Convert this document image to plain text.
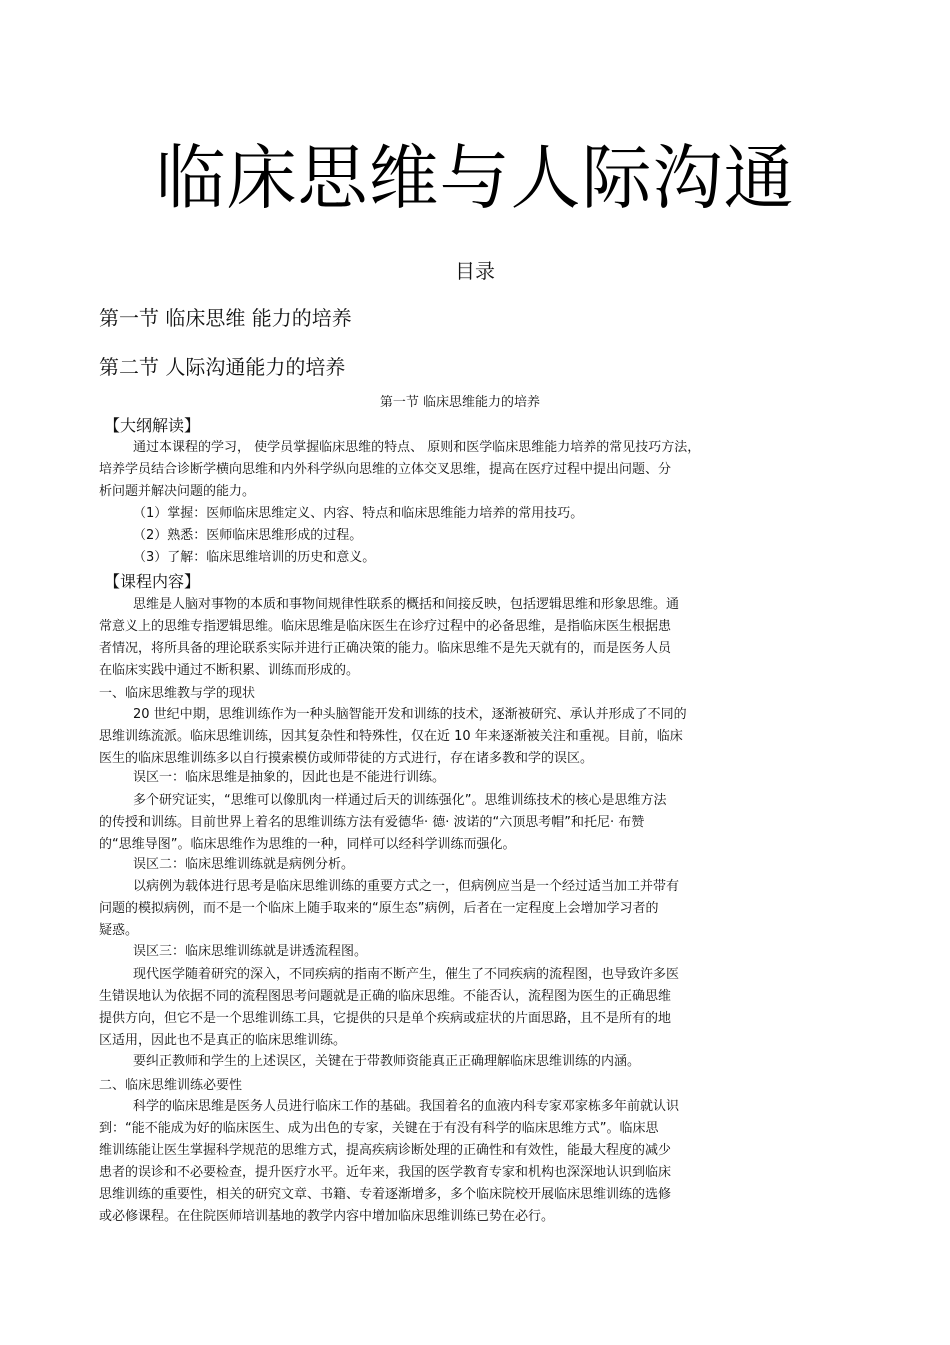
临床思维与人际沟通
目录
第一节 临床思维 能力的培养
第二节 人际沟通能力的培养
第一节 临床思维能力的培养
【大纲解读】
通过本课程的学习， 使学员掌握临床思维的特点、 原则和医学临床思维能力培养的常见技巧方法，
培养学员结合诊断学横向思维和内外科学纵向思维的立体交叉思维，提高在医疗过程中提出问题、分
析问题并解决问题的能力。
（1）掌握：医师临床思维定义、内容、特点和临床思维能力培养的常用技巧。
（2）熟悉：医师临床思维形成的过程。
（3）了解：临床思维培训的历史和意义。
【课程内容】
思维是人脑对事物的本质和事物间规律性联系的概括和间接反映，包括逻辑思维和形象思维。通
常意义上的思维专指逻辑思维。临床思维是临床医生在诊疗过程中的必备思维，是指临床医生根据患
者情况，将所具备的理论联系实际并进行正确决策的能力。临床思维不是先天就有的，而是医务人员
在临床实践中通过不断积累、训练而形成的。
一、临床思维教与学的现状
20 世纪中期，思维训练作为一种头脑智能开发和训练的技术，逐渐被研究、承认并形成了不同的
思维训练流派。临床思维训练，因其复杂性和特殊性，仅在近 10 年来逐渐被关注和重视。目前，临床
医生的临床思维训练多以自行摸索模仿或师带徒的方式进行，存在诸多教和学的误区。
误区一：临床思维是抽象的，因此也是不能进行训练。
多个研究证实，“思维可以像肌肉一样通过后天的训练强化”。思维训练技术的核心是思维方法
的传授和训练。目前世界上着名的思维训练方法有爱德华· 德· 波诺的“六顶思考帽”和托尼· 布赞
的“思维导图”。临床思维作为思维的一种，同样可以经科学训练而强化。
误区二：临床思维训练就是病例分析。
以病例为载体进行思考是临床思维训练的重要方式之一，但病例应当是一个经过适当加工并带有
问题的模拟病例，而不是一个临床上随手取来的“原生态”病例，后者在一定程度上会增加学习者的
疑惑。
误区三：临床思维训练就是讲透流程图。
现代医学随着研究的深入，不同疾病的指南不断产生，催生了不同疾病的流程图，也导致许多医
生错误地认为依据不同的流程图思考问题就是正确的临床思维。不能否认，流程图为医生的正确思维
提供方向，但它不是一个思维训练工具，它提供的只是单个疾病或症状的片面思路，且不是所有的地
区适用，因此也不是真正的临床思维训练。
要纠正教师和学生的上述误区，关键在于带教师资能真正正确理解临床思维训练的内涵。
二、临床思维训练必要性
科学的临床思维是医务人员进行临床工作的基础。我国着名的血液内科专家邓家栋多年前就认识
到：“能不能成为好的临床医生、成为出色的专家，关键在于有没有科学的临床思维方式”。临床思
维训练能让医生掌握科学规范的思维方式，提高疾病诊断处理的正确性和有效性，能最大程度的减少
患者的误诊和不必要检查，提升医疗水平。近年来，我国的医学教育专家和机构也深深地认识到临床
思维训练的重要性，相关的研究文章、书籍、专着逐渐增多，多个临床院校开展临床思维训练的选修
或必修课程。在住院医师培训基地的教学内容中增加临床思维训练已势在必行。
